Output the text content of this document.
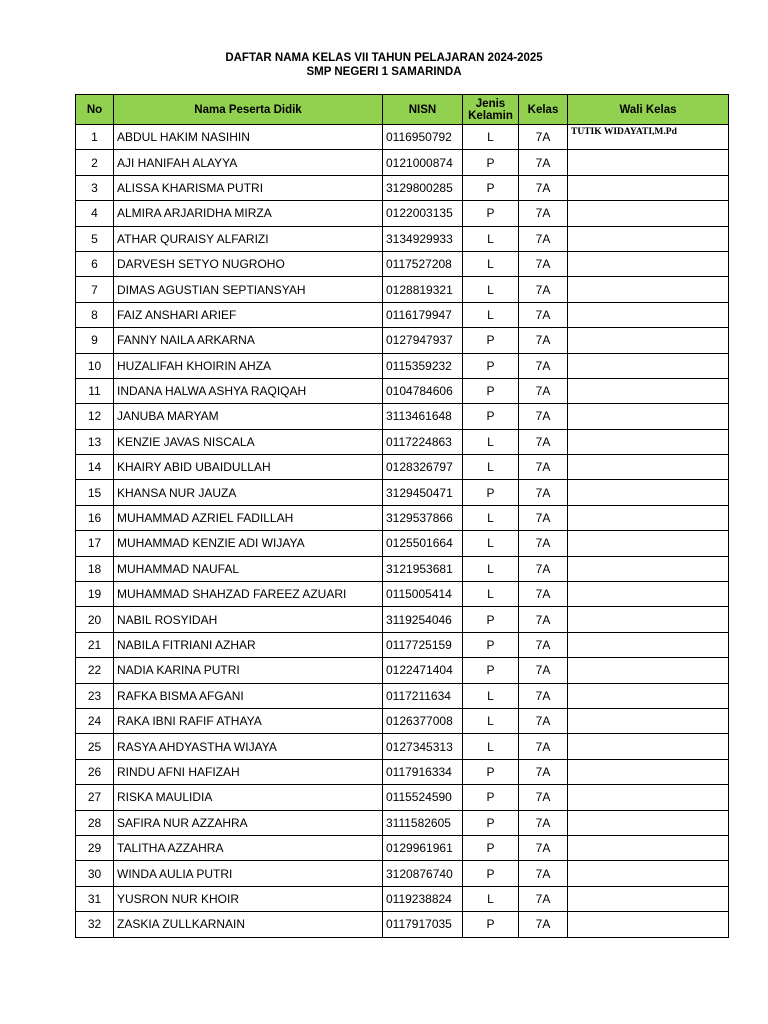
DAFTAR NAMA KELAS VII TAHUN PELAJARAN 2024-2025
SMP NEGERI 1 SAMARINDA
No	Nama Peserta Didik	NISN	Jenis Kelamin	Kelas	Wali Kelas
1	ABDUL HAKIM NASIHIN	0116950792	L	7A	TUTIK WIDAYATI,M.Pd
2	AJI HANIFAH ALAYYA	0121000874	P	7A	
3	ALISSA KHARISMA PUTRI	3129800285	P	7A	
4	ALMIRA ARJARIDHA MIRZA	0122003135	P	7A	
5	ATHAR QURAISY ALFARIZI	3134929933	L	7A	
6	DARVESH SETYO NUGROHO	0117527208	L	7A	
7	DIMAS AGUSTIAN SEPTIANSYAH	0128819321	L	7A	
8	FAIZ ANSHARI ARIEF	0116179947	L	7A	
9	FANNY NAILA ARKARNA	0127947937	P	7A	
10	HUZALIFAH KHOIRIN AHZA	0115359232	P	7A	
11	INDANA HALWA ASHYA RAQIQAH	0104784606	P	7A	
12	JANUBA MARYAM	3113461648	P	7A	
13	KENZIE JAVAS NISCALA	0117224863	L	7A	
14	KHAIRY ABID UBAIDULLAH	0128326797	L	7A	
15	KHANSA NUR JAUZA	3129450471	P	7A	
16	MUHAMMAD AZRIEL FADILLAH	3129537866	L	7A	
17	MUHAMMAD KENZIE ADI WIJAYA	0125501664	L	7A	
18	MUHAMMAD NAUFAL	3121953681	L	7A	
19	MUHAMMAD SHAHZAD FAREEZ AZUARI	0115005414	L	7A	
20	NABIL ROSYIDAH	3119254046	P	7A	
21	NABILA FITRIANI AZHAR	0117725159	P	7A	
22	NADIA KARINA PUTRI	0122471404	P	7A	
23	RAFKA BISMA AFGANI	0117211634	L	7A	
24	RAKA IBNI RAFIF ATHAYA	0126377008	L	7A	
25	RASYA AHDYASTHA WIJAYA	0127345313	L	7A	
26	RINDU AFNI HAFIZAH	0117916334	P	7A	
27	RISKA MAULIDIA	0115524590	P	7A	
28	SAFIRA NUR AZZAHRA	3111582605	P	7A	
29	TALITHA AZZAHRA	0129961961	P	7A	
30	WINDA AULIA PUTRI	3120876740	P	7A	
31	YUSRON NUR KHOIR	0119238824	L	7A	
32	ZASKIA ZULLKARNAIN	0117917035	P	7A	
